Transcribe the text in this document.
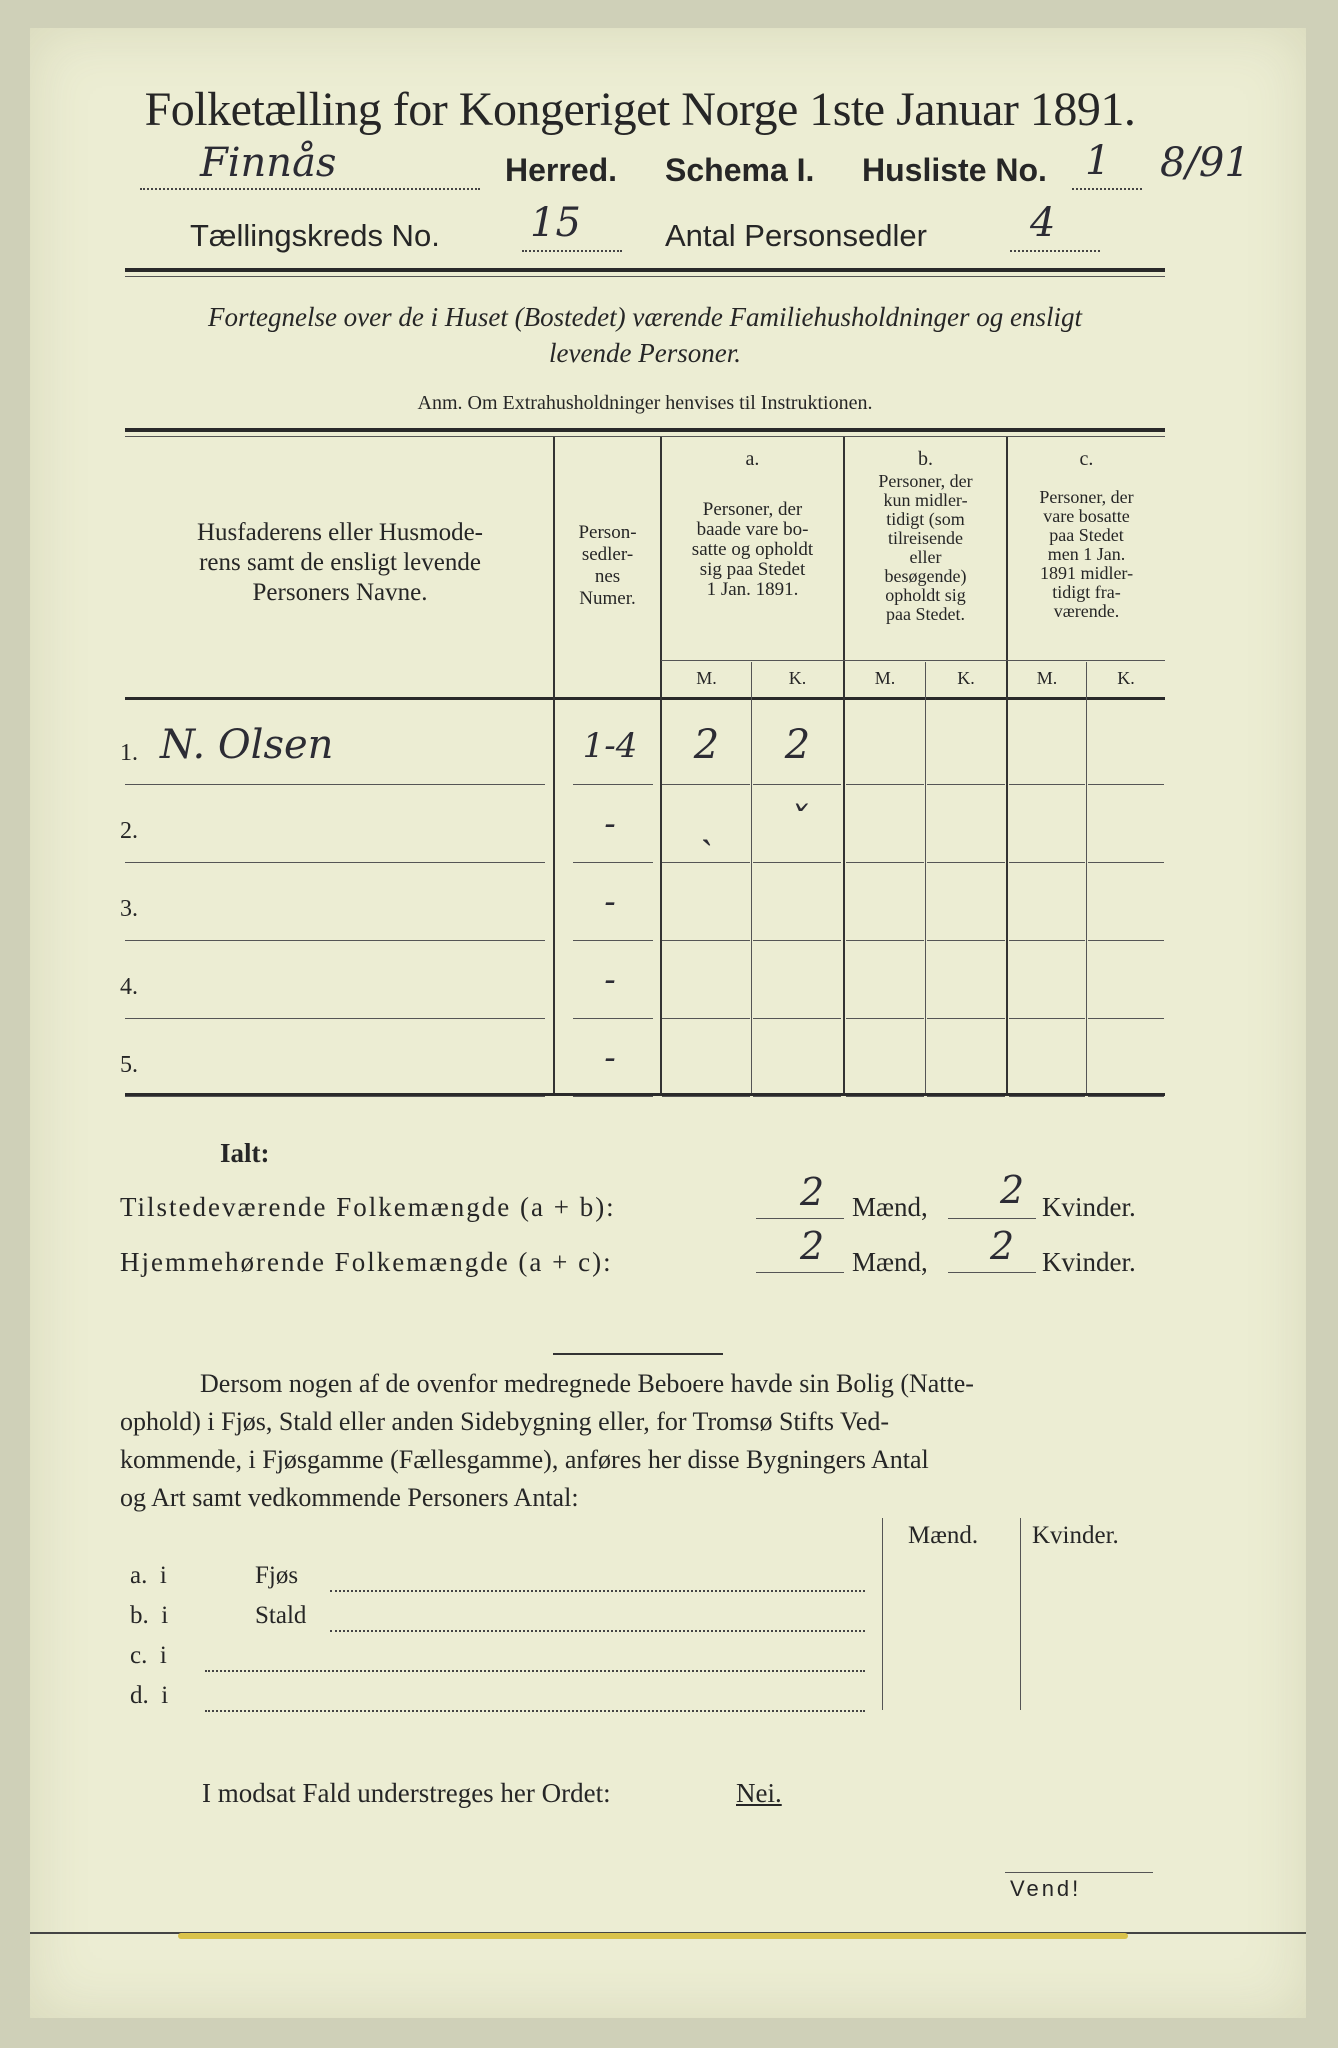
Folketælling for Kongeriget Norge 1ste Januar 1891.
Finnås	Herred. Schema I. Husliste No. 1 8/91
Tællingskreds No. 15	Antal Personsedler	4
Fortegnelse over de i Huset (Bostedet) værende Familiehusholdninger og ensligt
levende Personer.
Anm. Om Extrahusholdninger henvises til Instruktionen.
Husfaderens eller Husmode-
rens samt de ensligt levende
Personers Navne.
Person-
sedler-
nes
Numer.
a.
Personer, der
baade vare bo-
satte og opholdt
sig paa Stedet
1 Jan. 1891.
b.
Personer, der
kun midler-
tidigt (som
tilreisende
eller
besøgende)
opholdt sig
paa Stedet.
c.
Personer, der
vare bosatte
paa Stedet
men 1 Jan.
1891 midler-
tidigt fra-
værende.
M.	K.	M.	K.	M.	K.
1. N. Olsen	1-4	2	2
2.	-	ˎ	ˇ
3.	-
4.	-
5.	-
Ialt:
Tilstedeværende Folkemængde (a + b):	2 Mænd, 2 Kvinder.
Hjemmehørende Folkemængde (a + c):	2 Mænd, 2 Kvinder.
Dersom nogen af de ovenfor medregnede Beboere havde sin Bolig (Natte-
ophold) i Fjøs, Stald eller anden Sidebygning eller, for Tromsø Stifts Ved-
kommende, i Fjøsgamme (Fællesgamme), anføres her disse Bygningers Antal
og Art samt vedkommende Personers Antal:
Mænd. Kvinder.
a.  i	Fjøs
b.  i	Stald
c.  i
d.  i
I modsat Fald understreges her Ordet:	Nei.
Vend!
